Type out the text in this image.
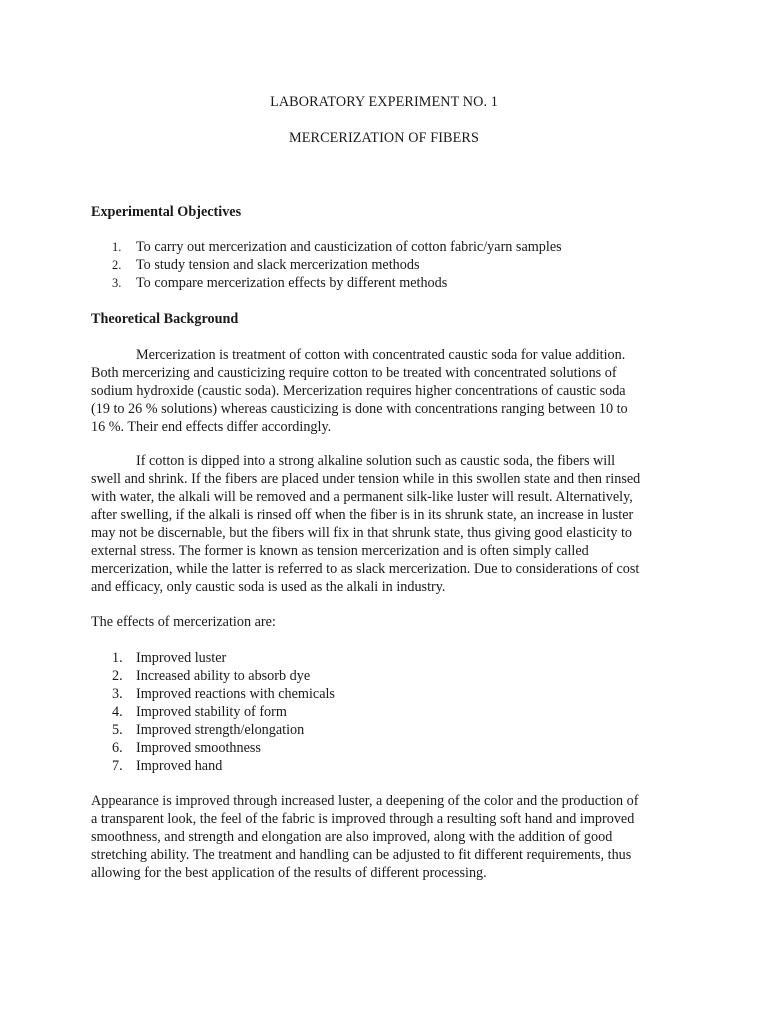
LABORATORY EXPERIMENT NO. 1
MERCERIZATION OF FIBERS
Experimental Objectives
1.	To carry out mercerization and causticization of cotton fabric/yarn samples
2.	To study tension and slack mercerization methods
3.	To compare mercerization effects by different methods
Theoretical Background
Mercerization is treatment of cotton with concentrated caustic soda for value addition.
Both mercerizing and causticizing require cotton to be treated with concentrated solutions of
sodium hydroxide (caustic soda). Mercerization requires higher concentrations of caustic soda
(19 to 26 % solutions) whereas causticizing is done with concentrations ranging between 10 to
16 %. Their end effects differ accordingly.
If cotton is dipped into a strong alkaline solution such as caustic soda, the fibers will
swell and shrink. If the fibers are placed under tension while in this swollen state and then rinsed
with water, the alkali will be removed and a permanent silk-like luster will result. Alternatively,
after swelling, if the alkali is rinsed off when the fiber is in its shrunk state, an increase in luster
may not be discernable, but the fibers will fix in that shrunk state, thus giving good elasticity to
external stress. The former is known as tension mercerization and is often simply called
mercerization, while the latter is referred to as slack mercerization. Due to considerations of cost
and efficacy, only caustic soda is used as the alkali in industry.
The effects of mercerization are:
1. Improved luster
2. Increased ability to absorb dye
3. Improved reactions with chemicals
4. Improved stability of form
5. Improved strength/elongation
6. Improved smoothness
7. Improved hand
Appearance is improved through increased luster, a deepening of the color and the production of
a transparent look, the feel of the fabric is improved through a resulting soft hand and improved
smoothness, and strength and elongation are also improved, along with the addition of good
stretching ability. The treatment and handling can be adjusted to fit different requirements, thus
allowing for the best application of the results of different processing.
